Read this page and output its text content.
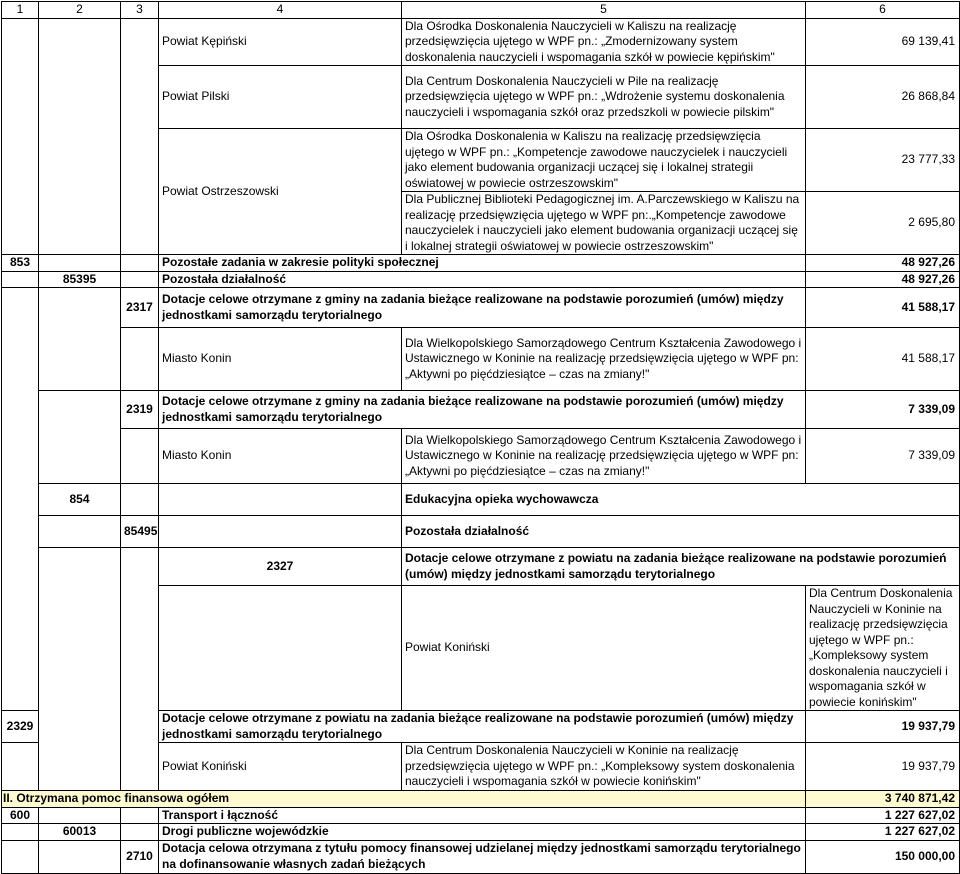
1	2	3	4	5	6	
			Powiat Kępiński	Dla Ośrodka Doskonalenia Nauczycieli w Kaliszu na realizację przedsięwzięcia ujętego w WPF pn.: „Zmodernizowany system doskonalenia nauczycieli i wspomagania szkół w powiecie kępińskim"	69 139,41	
			Powiat Pilski	Dla Centrum Doskonalenia Nauczycieli w Pile na realizację przedsięwzięcia ujętego w WPF pn.: „Wdrożenie systemu doskonalenia nauczycieli i wspomagania szkół oraz przedszkoli w powiecie pilskim"	26 868,84	
			Powiat Ostrzeszowski	Dla Ośrodka Doskonalenia w Kaliszu na realizację przedsięwzięcia ujętego w WPF pn.: „Kompetencje zawodowe nauczycielek i nauczycieli jako element budowania organizacji uczącej się i lokalnej strategii oświatowej w powiecie ostrzeszowskim"	23 777,33	
				Dla Publicznej Biblioteki Pedagogicznej im. A.Parczewskiego w Kaliszu na realizację przedsięwzięcia ujętego w WPF pn:.„Kompetencje zawodowe nauczycielek i nauczycieli jako element budowania organizacji uczącej się i lokalnej strategii oświatowej w powiecie ostrzeszowskim"	2 695,80	
853			Pozostałe zadania w zakresie polityki społecznej		48 927,26	
	85395		Pozostała działalność		48 927,26	
		2317	Dotacje celowe otrzymane z gminy na zadania bieżące realizowane na podstawie porozumień (umów) między jednostkami samorządu terytorialnego		41 588,17	
			Miasto Konin	Dla Wielkopolskiego Samorządowego Centrum Kształcenia Zawodowego i Ustawicznego w Koninie na realizację przedsięwzięcia ujętego w WPF pn: „Aktywni po pięćdziesiątce – czas na zmiany!"	41 588,17	
		2319	Dotacje celowe otrzymane z gminy na zadania bieżące realizowane na podstawie porozumień (umów) między jednostkami samorządu terytorialnego		7 339,09	
			Miasto Konin	Dla Wielkopolskiego Samorządowego Centrum Kształcenia Zawodowego i Ustawicznego w Koninie na realizację przedsięwzięcia ujętego w WPF pn: „Aktywni po pięćdziesiątce – czas na zmiany!"	7 339,09	
	854			Edukacyjna opieka wychowawcza	
		85495		Pozostała działalność	
			2327	Dotacje celowe otrzymane z powiatu na zadania bieżące realizowane na podstawie porozumień (umów) między jednostkami samorządu terytorialnego	
				Powiat Koniński	Dla Centrum Doskonalenia Nauczycieli w Koninie na realizację przedsięwzięcia ujętego w WPF pn.: „Kompleksowy system doskonalenia nauczycieli i wspomagania szkół w powiecie konińskim"	
2329			Dotacje celowe otrzymane z powiatu na zadania bieżące realizowane na podstawie porozumień (umów) między jednostkami samorządu terytorialnego		19 937,79	
			Powiat Koniński	Dla Centrum Doskonalenia Nauczycieli w Koninie na realizację przedsięwzięcia ujętego w WPF pn.: „Kompleksowy system doskonalenia nauczycieli i wspomagania szkół w powiecie konińskim"	19 937,79	
II. Otrzymana pomoc finansowa ogółem					3 740 871,42	
600			Transport i łączność		1 227 627,02	
	60013		Drogi publiczne wojewódzkie		1 227 627,02	
		2710	Dotacja celowa otrzymana z tytułu pomocy finansowej udzielanej między jednostkami samorządu terytorialnego na dofinansowanie własnych zadań bieżących		150 000,00	
